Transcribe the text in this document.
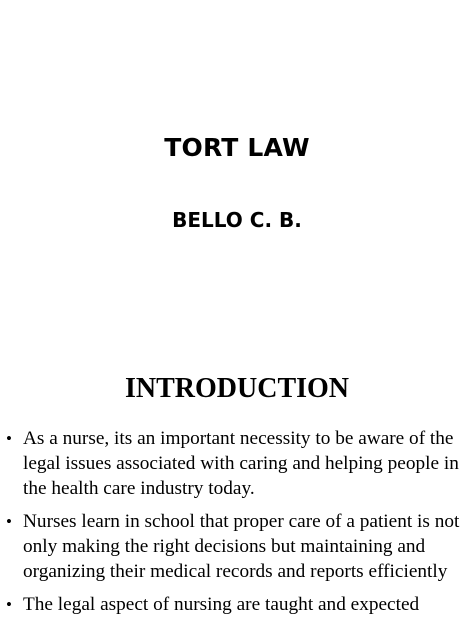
TORT LAW
BELLO C. B.
INTRODUCTION
• As a nurse, its an important necessity to be aware of the legal issues associated with caring and helping people in the health care industry today.
• Nurses learn in school that proper care of a patient is not only making the right decisions but maintaining and organizing their medical records and reports efficiently
• The legal aspect of nursing are taught and expected
